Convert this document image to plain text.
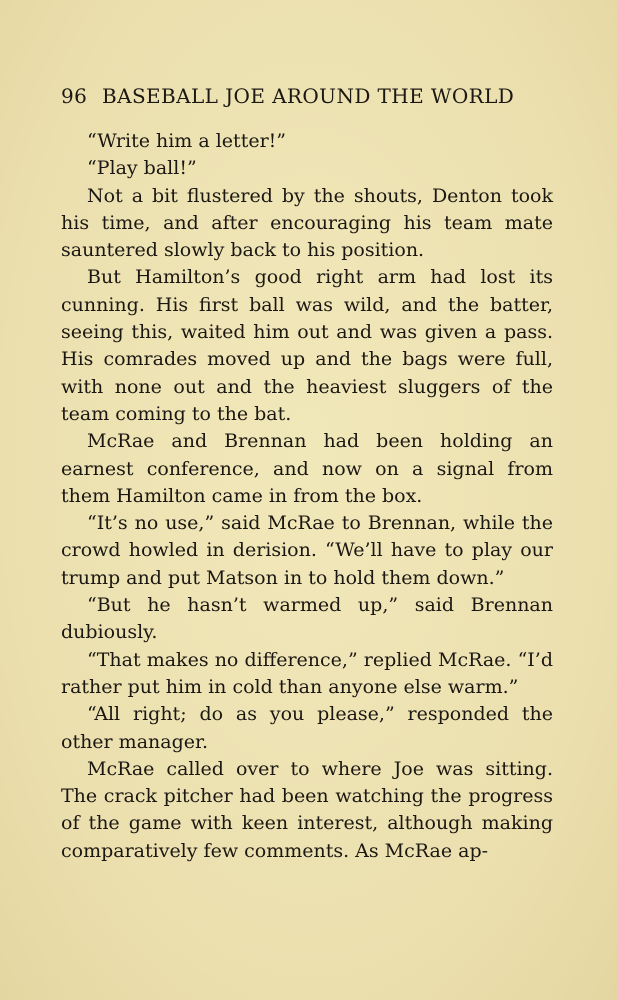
96 BASEBALL JOE AROUND THE WORLD

“Write him a letter!”

“Play ball!”

Not a bit flustered by the shouts, Denton took his time, and after encouraging his team mate sauntered slowly back to his position.

But Hamilton’s good right arm had lost its cunning. His first ball was wild, and the batter, seeing this, waited him out and was given a pass. His comrades moved up and the bags were full, with none out and the heaviest sluggers of the team coming to the bat.

McRae and Brennan had been holding an earnest conference, and now on a signal from them Hamilton came in from the box.

“It’s no use,” said McRae to Brennan, while the crowd howled in derision. “We’ll have to play our trump and put Matson in to hold them down.”

“But he hasn’t warmed up,” said Brennan dubiously.

“That makes no difference,” replied McRae. “I’d rather put him in cold than anyone else warm.”

“All right; do as you please,” responded the other manager.

McRae called over to where Joe was sitting. The crack pitcher had been watching the progress of the game with keen interest, although making comparatively few comments. As McRae ap-
